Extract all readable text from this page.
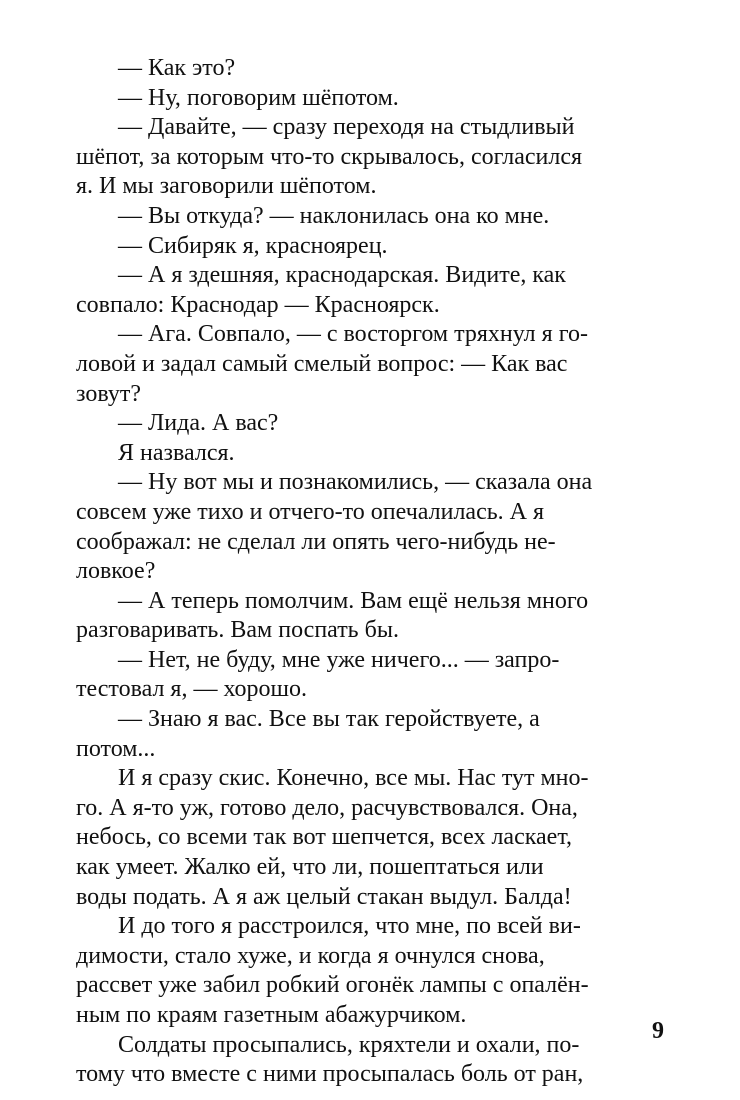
— Как это?

— Ну, поговорим шёпотом.

— Давайте, — сразу переходя на стыдливый
шёпот, за которым что-то скрывалось, согласился
я. И мы заговорили шёпотом.

— Вы откуда? — наклонилась она ко мне.

— Сибиряк я, красноярец.

— А я здешняя, краснодарская. Видите, как
совпало: Краснодар — Красноярск.

— Ага. Совпало, — с восторгом тряхнул я го-
ловой и задал самый смелый вопрос: — Как вас
зовут?

— Лида. А вас?

Я назвался.

— Ну вот мы и познакомились, — сказала она
совсем уже тихо и отчего-то опечалилась. А я
соображал: не сделал ли опять чего-нибудь не-
ловкое?

— А теперь помолчим. Вам ещё нельзя много
разговаривать. Вам поспать бы.

— Нет, не буду, мне уже ничего... — запро-
тестовал я, — хорошо.

— Знаю я вас. Все вы так геройствуете, а
потом...

И я сразу скис. Конечно, все мы. Нас тут мно-
го. А я-то уж, готово дело, расчувствовался. Она,
небось, со всеми так вот шепчется, всех ласкает,
как умеет. Жалко ей, что ли, пошептаться или
воды подать. А я аж целый стакан выдул. Балда!

И до того я расстроился, что мне, по всей ви-
димости, стало хуже, и когда я очнулся снова,
рассвет уже забил робкий огонёк лампы с опалён-
ным по краям газетным абажурчиком.

Солдаты просыпались, кряхтели и охали, по-
тому что вместе с ними просыпалась боль от ран,

9
